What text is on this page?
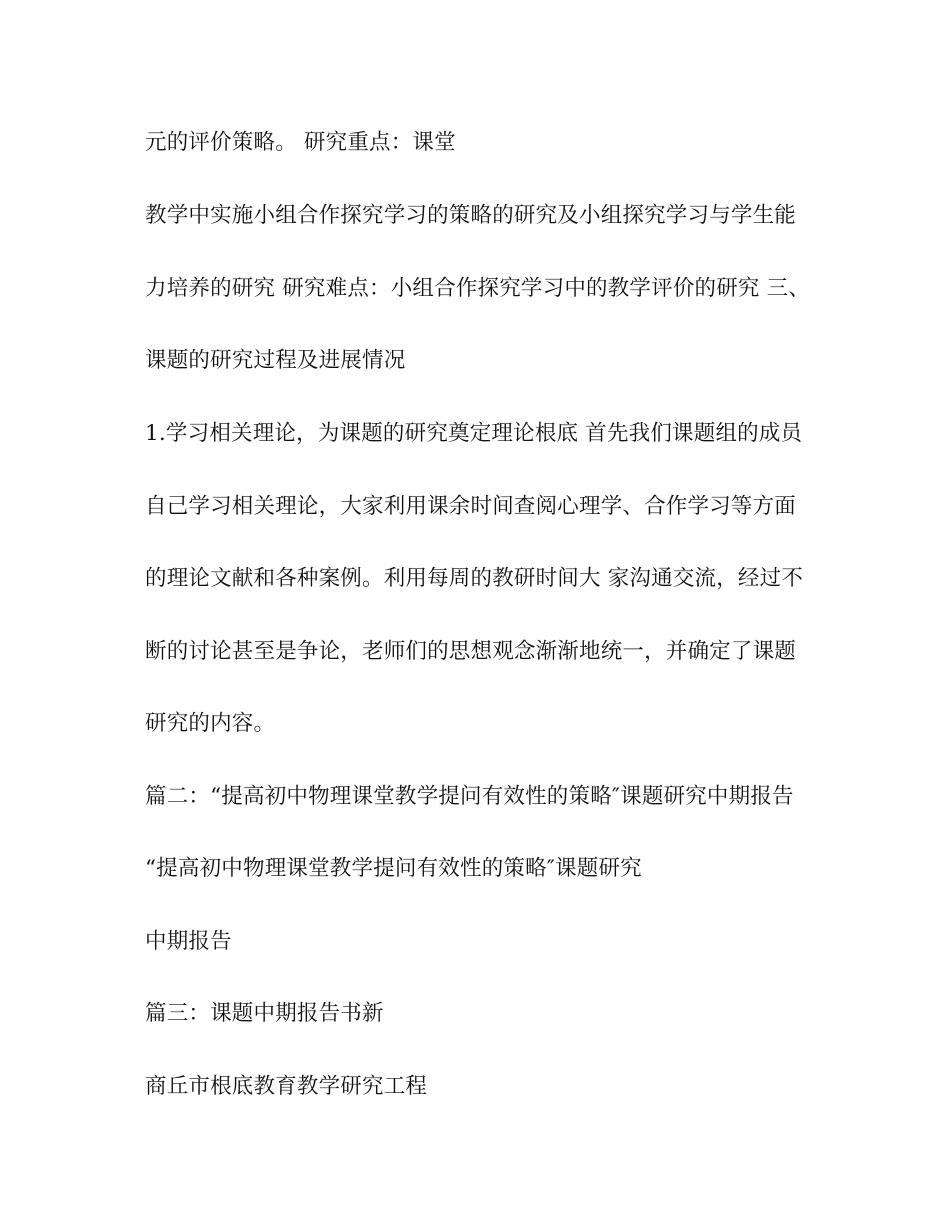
元的评价策略。 研究重点：课堂
教学中实施小组合作探究学习的策略的研究及小组探究学习与学生能
力培养的研究 研究难点：小组合作探究学习中的教学评价的研究 三、
课题的研究过程及进展情况
1.学习相关理论，为课题的研究奠定理论根底 首先我们课题组的成员
自己学习相关理论，大家利用课余时间查阅心理学、合作学习等方面
的理论文献和各种案例。利用每周的教研时间大 家沟通交流，经过不
断的讨论甚至是争论，老师们的思想观念渐渐地统一，并确定了课题
研究的内容。
篇二：“提高初中物理课堂教学提问有效性的策略″课题研究中期报告
“提高初中物理课堂教学提问有效性的策略″课题研究
中期报告
篇三：课题中期报告书新
商丘市根底教育教学研究工程
